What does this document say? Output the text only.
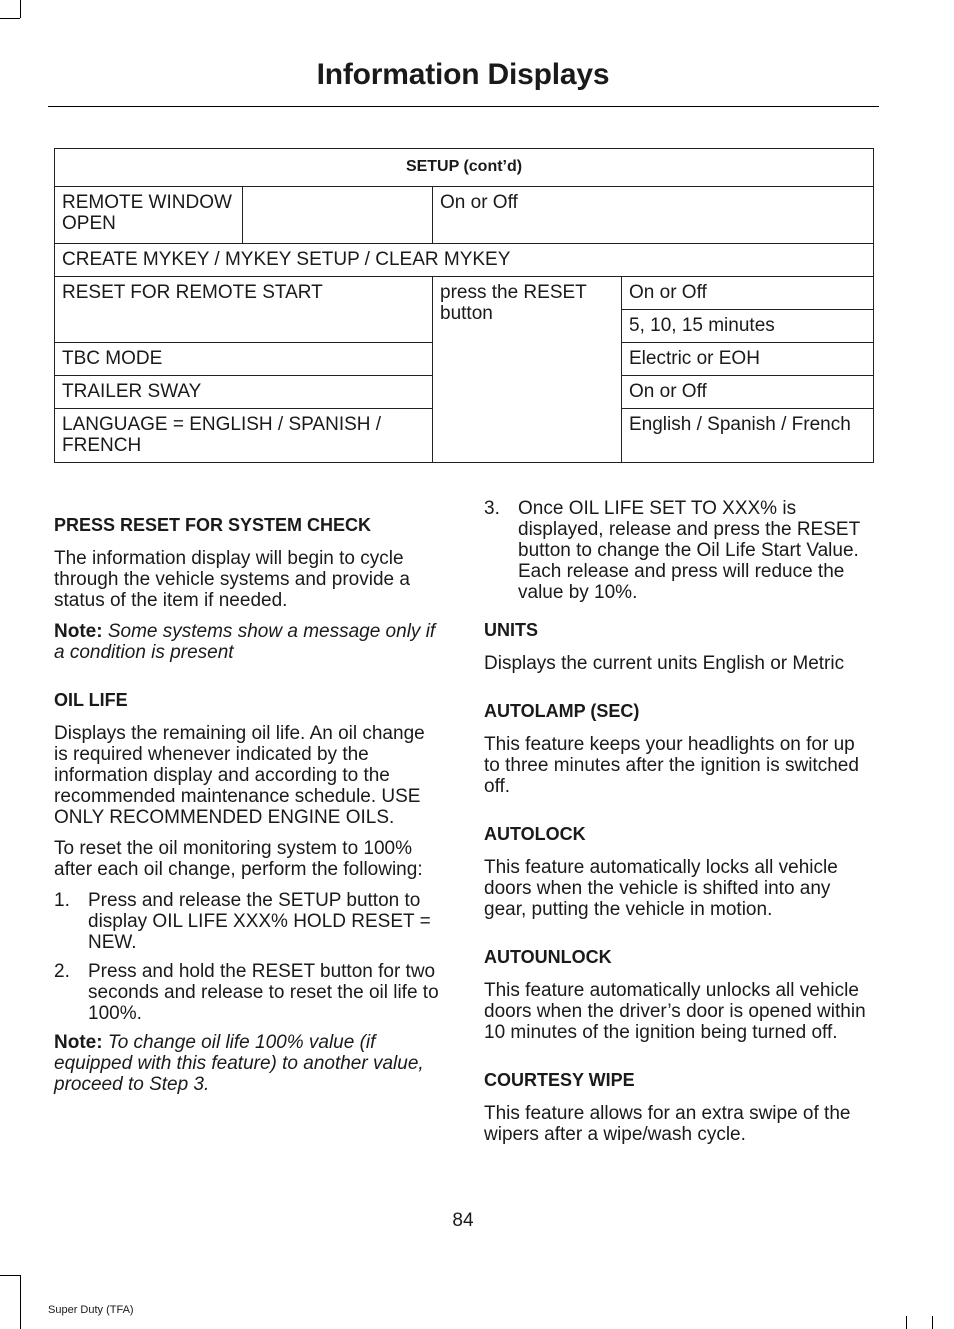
Information Displays
SETUP (cont’d)			
REMOTE WINDOW OPEN		On or Off	
CREATE MYKEY / MYKEY SETUP / CLEAR MYKEY			
RESET FOR REMOTE START		press the RESET button	On or Off
			5, 10, 15 minutes
TBC MODE			Electric or EOH
TRAILER SWAY			On or Off
LANGUAGE = ENGLISH / SPANISH / FRENCH			English / Spanish / French
PRESS RESET FOR SYSTEM CHECK

The information display will begin to cycle through the vehicle systems and provide a status of the item if needed.

Note: Some systems show a message only if a condition is present

OIL LIFE

Displays the remaining oil life. An oil change is required whenever indicated by the information display and according to the recommended maintenance schedule. USE ONLY RECOMMENDED ENGINE OILS.

To reset the oil monitoring system to 100% after each oil change, perform the following:

1. Press and release the SETUP button to display OIL LIFE XXX% HOLD RESET = NEW.
2. Press and hold the RESET button for two seconds and release to reset the oil life to 100%.

Note: To change oil life 100% value (if equipped with this feature) to another value, proceed to Step 3.

3. Once OIL LIFE SET TO XXX% is displayed, release and press the RESET button to change the Oil Life Start Value. Each release and press will reduce the value by 10%.
UNITS

Displays the current units English or Metric

AUTOLAMP (SEC)

This feature keeps your headlights on for up to three minutes after the ignition is switched off.

AUTOLOCK

This feature automatically locks all vehicle doors when the vehicle is shifted into any gear, putting the vehicle in motion.

AUTOUNLOCK

This feature automatically unlocks all vehicle doors when the driver’s door is opened within 10 minutes of the ignition being turned off.

COURTESY WIPE

This feature allows for an extra swipe of the wipers after a wipe/wash cycle.

84
Super Duty (TFA)
